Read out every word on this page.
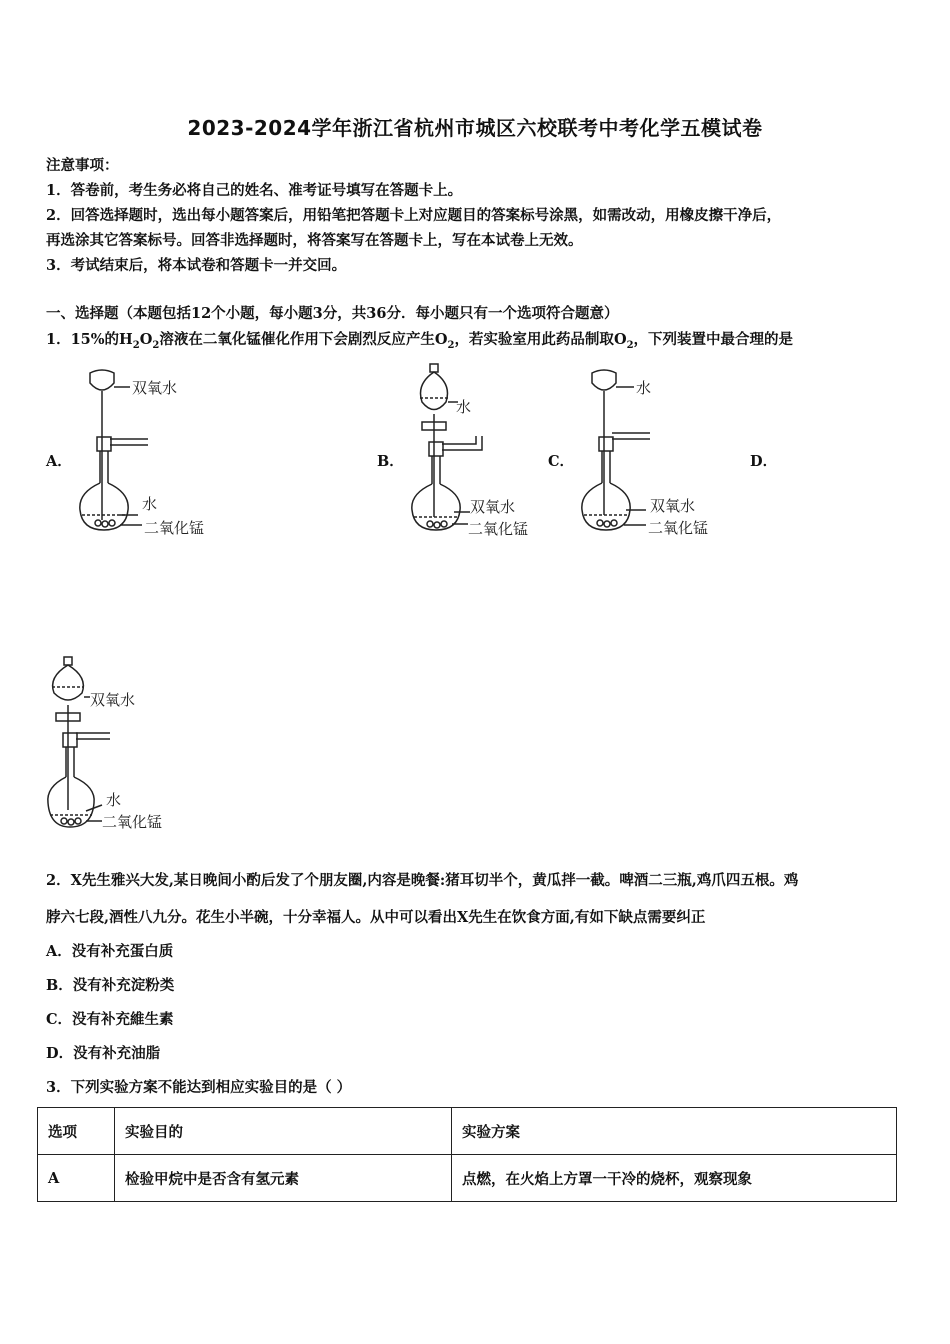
2023-2024学年浙江省杭州市城区六校联考中考化学五模试卷
注意事项：
1．答卷前，考生务必将自己的姓名、准考证号填写在答题卡上。
2．回答选择题时，选出每小题答案后，用铅笔把答题卡上对应题目的答案标号涂黑，如需改动，用橡皮擦干净后，
再选涂其它答案标号。回答非选择题时，将答案写在答题卡上，写在本试卷上无效。
3．考试结束后，将本试卷和答题卡一并交回。
一、选择题（本题包括12个小题，每小题3分，共36分．每小题只有一个选项符合题意）
1．15%的$H_2O_2$溶液在二氧化锰催化作用下会剧烈反应产生$O_2$，若实验室用此药品制取$O_2$，下列装置中最合理的是
A．	B．	C．	D．
双氧水
水
二氧化锰
水
双氧水
二氧化锰
水
双氧水
二氧化锰
双氧水
水
二氧化锰
2．X先生雅兴大发,某日晚间小酌后发了个朋友圈,内容是晚餐:猪耳切半个，黄瓜拌一截。啤酒二三瓶,鸡爪四五根。鸡
脖六七段,酒性八九分。花生小半碗，十分幸福人。从中可以看出X先生在饮食方面,有如下缺点需要纠正
A．没有补充蛋白质
B．没有补充淀粉类
C．没有补充維生素
D．没有补充油脂
3．下列实验方案不能达到相应实验目的是（ ）
选项	实验目的	实验方案
A	检验甲烷中是否含有氢元素	点燃，在火焰上方罩一干冷的烧杯，观察现象
